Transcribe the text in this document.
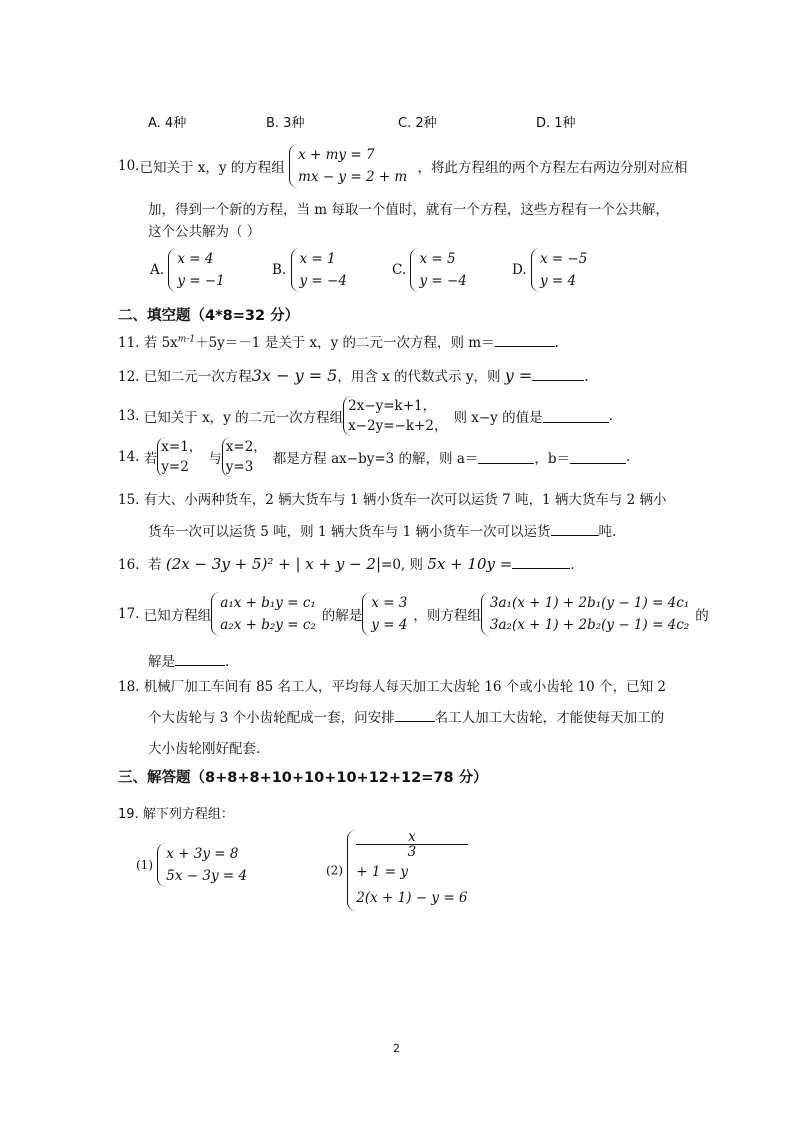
A. 4种	B. 3种	C. 2种	D. 1种
10.已知关于 x，y 的方程组
x + my = 7
mx − y = 2 + m
，将此方程组的两个方程左右两边分别对应相
加，得到一个新的方程，当 m 每取一个值时，就有一个方程，这些方程有一个公共解，
这个公共解为（ ）
A.
x = 4
y = −1
B.
x = 1
y = −4
C.
x = 5
y = −4
D.
x = −5
y = 4
二、填空题（4*8=32 分）
11. 若 $5x^{m-1}+5y=-1$ 是关于 x，y 的二元一次方程，则 m＝	.
12. 已知二元一次方程3x − y = 5，用含 x 的代数式示 y，则 y =	.
13. 已知关于 x，y 的二元一次方程组
2x−y=k+1，
x−2y=−k+2， 则 x−y 的值是	.
14. 若
x=1，
y=2	与
x=2，
y=3	都是方程 ax−by=3 的解，则 a＝	，b＝	.
15. 有大、小两种货车，2 辆大货车与 1 辆小货车一次可以运货 7 吨，1 辆大货车与 2 辆小
货车一次可以运货 5 吨，则 1 辆大货车与 1 辆小货车一次可以运货	吨.
16. 若 (2x − 3y + 5)² + | x + y − 2|=0, 则 5x + 10y =	.
17. 已知方程组
a₁x + b₁y = c₁
a₂x + b₂y = c₂
的解是
x = 3
y = 4
，则方程组
3a₁(x + 1) + 2b₁(y − 1) = 4c₁
3a₂(x + 1) + 2b₂(y − 1) = 4c₂
的
解是	.
18. 机械厂加工车间有 85 名工人，平均每人每天加工大齿轮 16 个或小齿轮 10 个，已知 2
个大齿轮与 3 个小齿轮配成一套，问安排	名工人加工大齿轮，才能使每天加工的
大小齿轮刚好配套.
三、解答题（8+8+8+10+10+10+12+12=78 分）
19. 解下列方程组：
(1)
x + 3y = 8
5x − 3y = 4	(2)
x
3
+ 1 = y
2(x + 1) − y = 6
2
